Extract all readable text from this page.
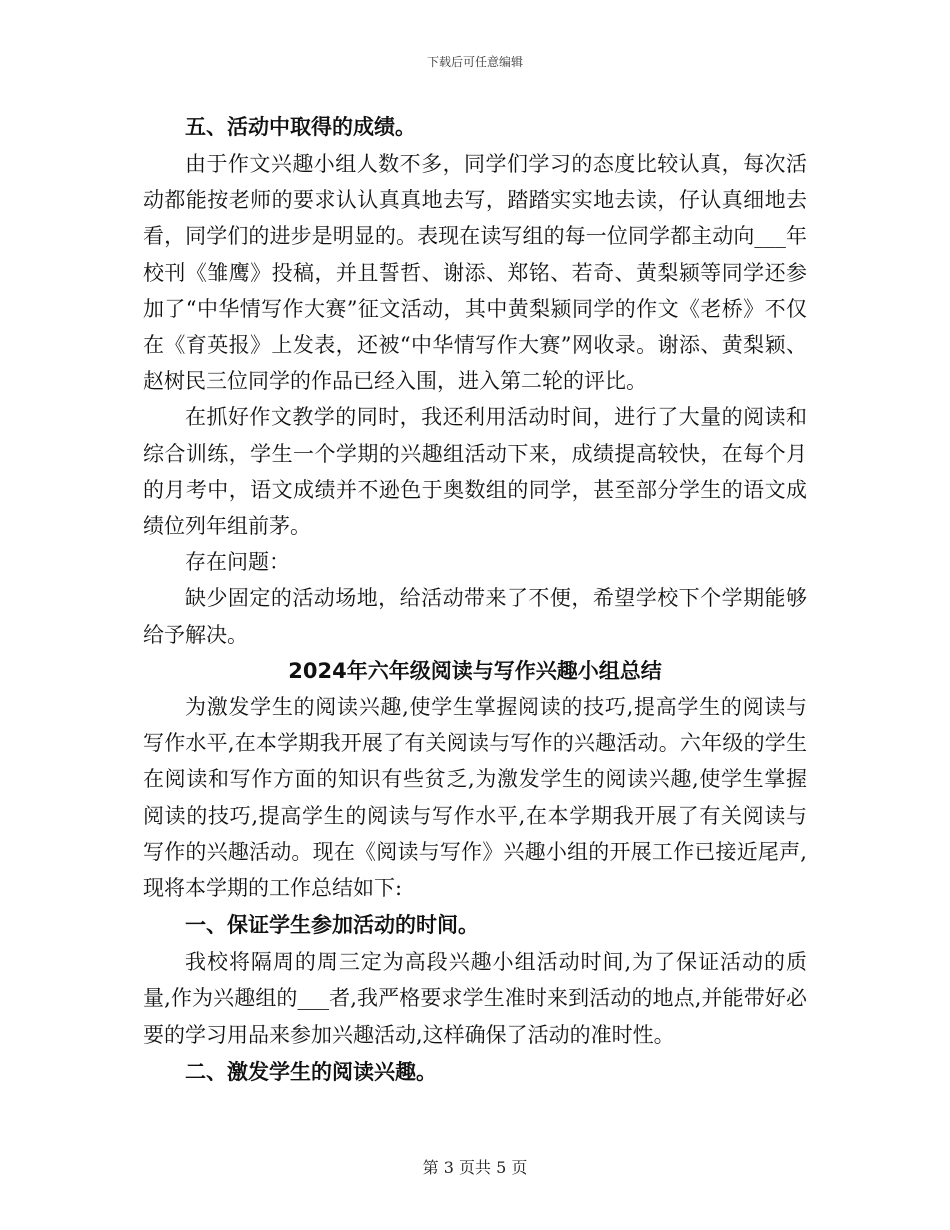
下载后可任意编辑

五、活动中取得的成绩。

由于作文兴趣小组人数不多，同学们学习的态度比较认真，每次活动都能按老师的要求认认真真地去写，踏踏实实地去读，仔认真细地去看，同学们的进步是明显的。表现在读写组的每一位同学都主动向___年校刊《雏鹰》投稿，并且誓哲、谢添、郑铭、若奇、黄梨颍等同学还参加了“中华情写作大赛”征文活动，其中黄梨颍同学的作文《老桥》不仅在《育英报》上发表，还被“中华情写作大赛”网收录。谢添、黄梨颖、赵树民三位同学的作品已经入围，进入第二轮的评比。

在抓好作文教学的同时，我还利用活动时间，进行了大量的阅读和综合训练，学生一个学期的兴趣组活动下来，成绩提高较快，在每个月的月考中，语文成绩并不逊色于奥数组的同学，甚至部分学生的语文成绩位列年组前茅。

存在问题：

缺少固定的活动场地，给活动带来了不便，希望学校下个学期能够给予解决。

2024年六年级阅读与写作兴趣小组总结

为激发学生的阅读兴趣,使学生掌握阅读的技巧,提高学生的阅读与写作水平,在本学期我开展了有关阅读与写作的兴趣活动。六年级的学生在阅读和写作方面的知识有些贫乏,为激发学生的阅读兴趣,使学生掌握阅读的技巧,提高学生的阅读与写作水平,在本学期我开展了有关阅读与写作的兴趣活动。现在《阅读与写作》兴趣小组的开展工作已接近尾声,现将本学期的工作总结如下:

一、保证学生参加活动的时间。

我校将隔周的周三定为高段兴趣小组活动时间,为了保证活动的质量,作为兴趣组的___者,我严格要求学生准时来到活动的地点,并能带好必要的学习用品来参加兴趣活动,这样确保了活动的准时性。

二、激发学生的阅读兴趣。

第 3 页共 5 页
